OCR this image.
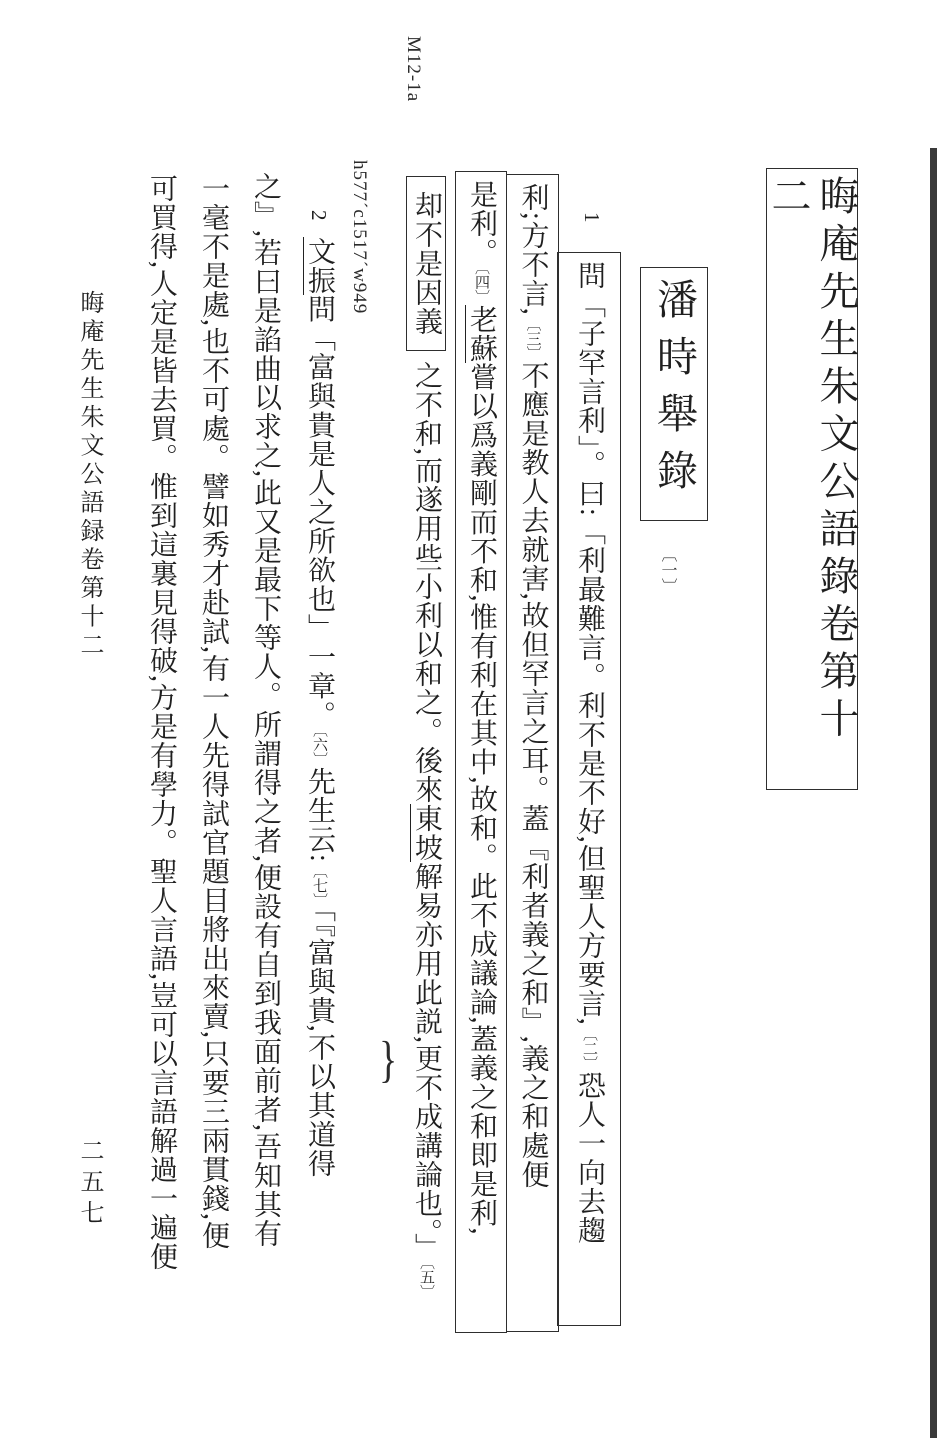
M12-1a
晦庵先生朱文公語錄卷第十二
潘時舉錄
〔一〕
1
問「子罕言利」。曰:「利最難言。利不是不好,但聖人方要言,〔二〕恐人一向去趨
利;方不言,〔三〕不應是教人去就害,故但罕言之耳。蓋『利者義之和』,義之和處便
是利。〔四〕老蘇嘗以爲義剛而不和,惟有利在其中,故和。此不成議論,蓋義之和即是利,
却不是因義之不和,而遂用些小利以和之。後來東坡解易亦用此説,更不成講論也。」〔五〕
}
h577´c1517´w949
2文振問「富與貴是人之所欲也」一章。〔六〕先生云:〔七〕「『富與貴,不以其道得
之』,若曰是諂曲以求之,此又是最下等人。所謂得之者,便設有自到我面前者,吾知其有
一毫不是處,也不可處。譬如秀才赴試,有一人先得試官題目將出來賣,只要三兩貫錢,便
可買得,人定是皆去買。惟到這裏見得破,方是有學力。聖人言語,豈可以言語解過一遍便
晦庵先生朱文公語録卷第十二
二五七
